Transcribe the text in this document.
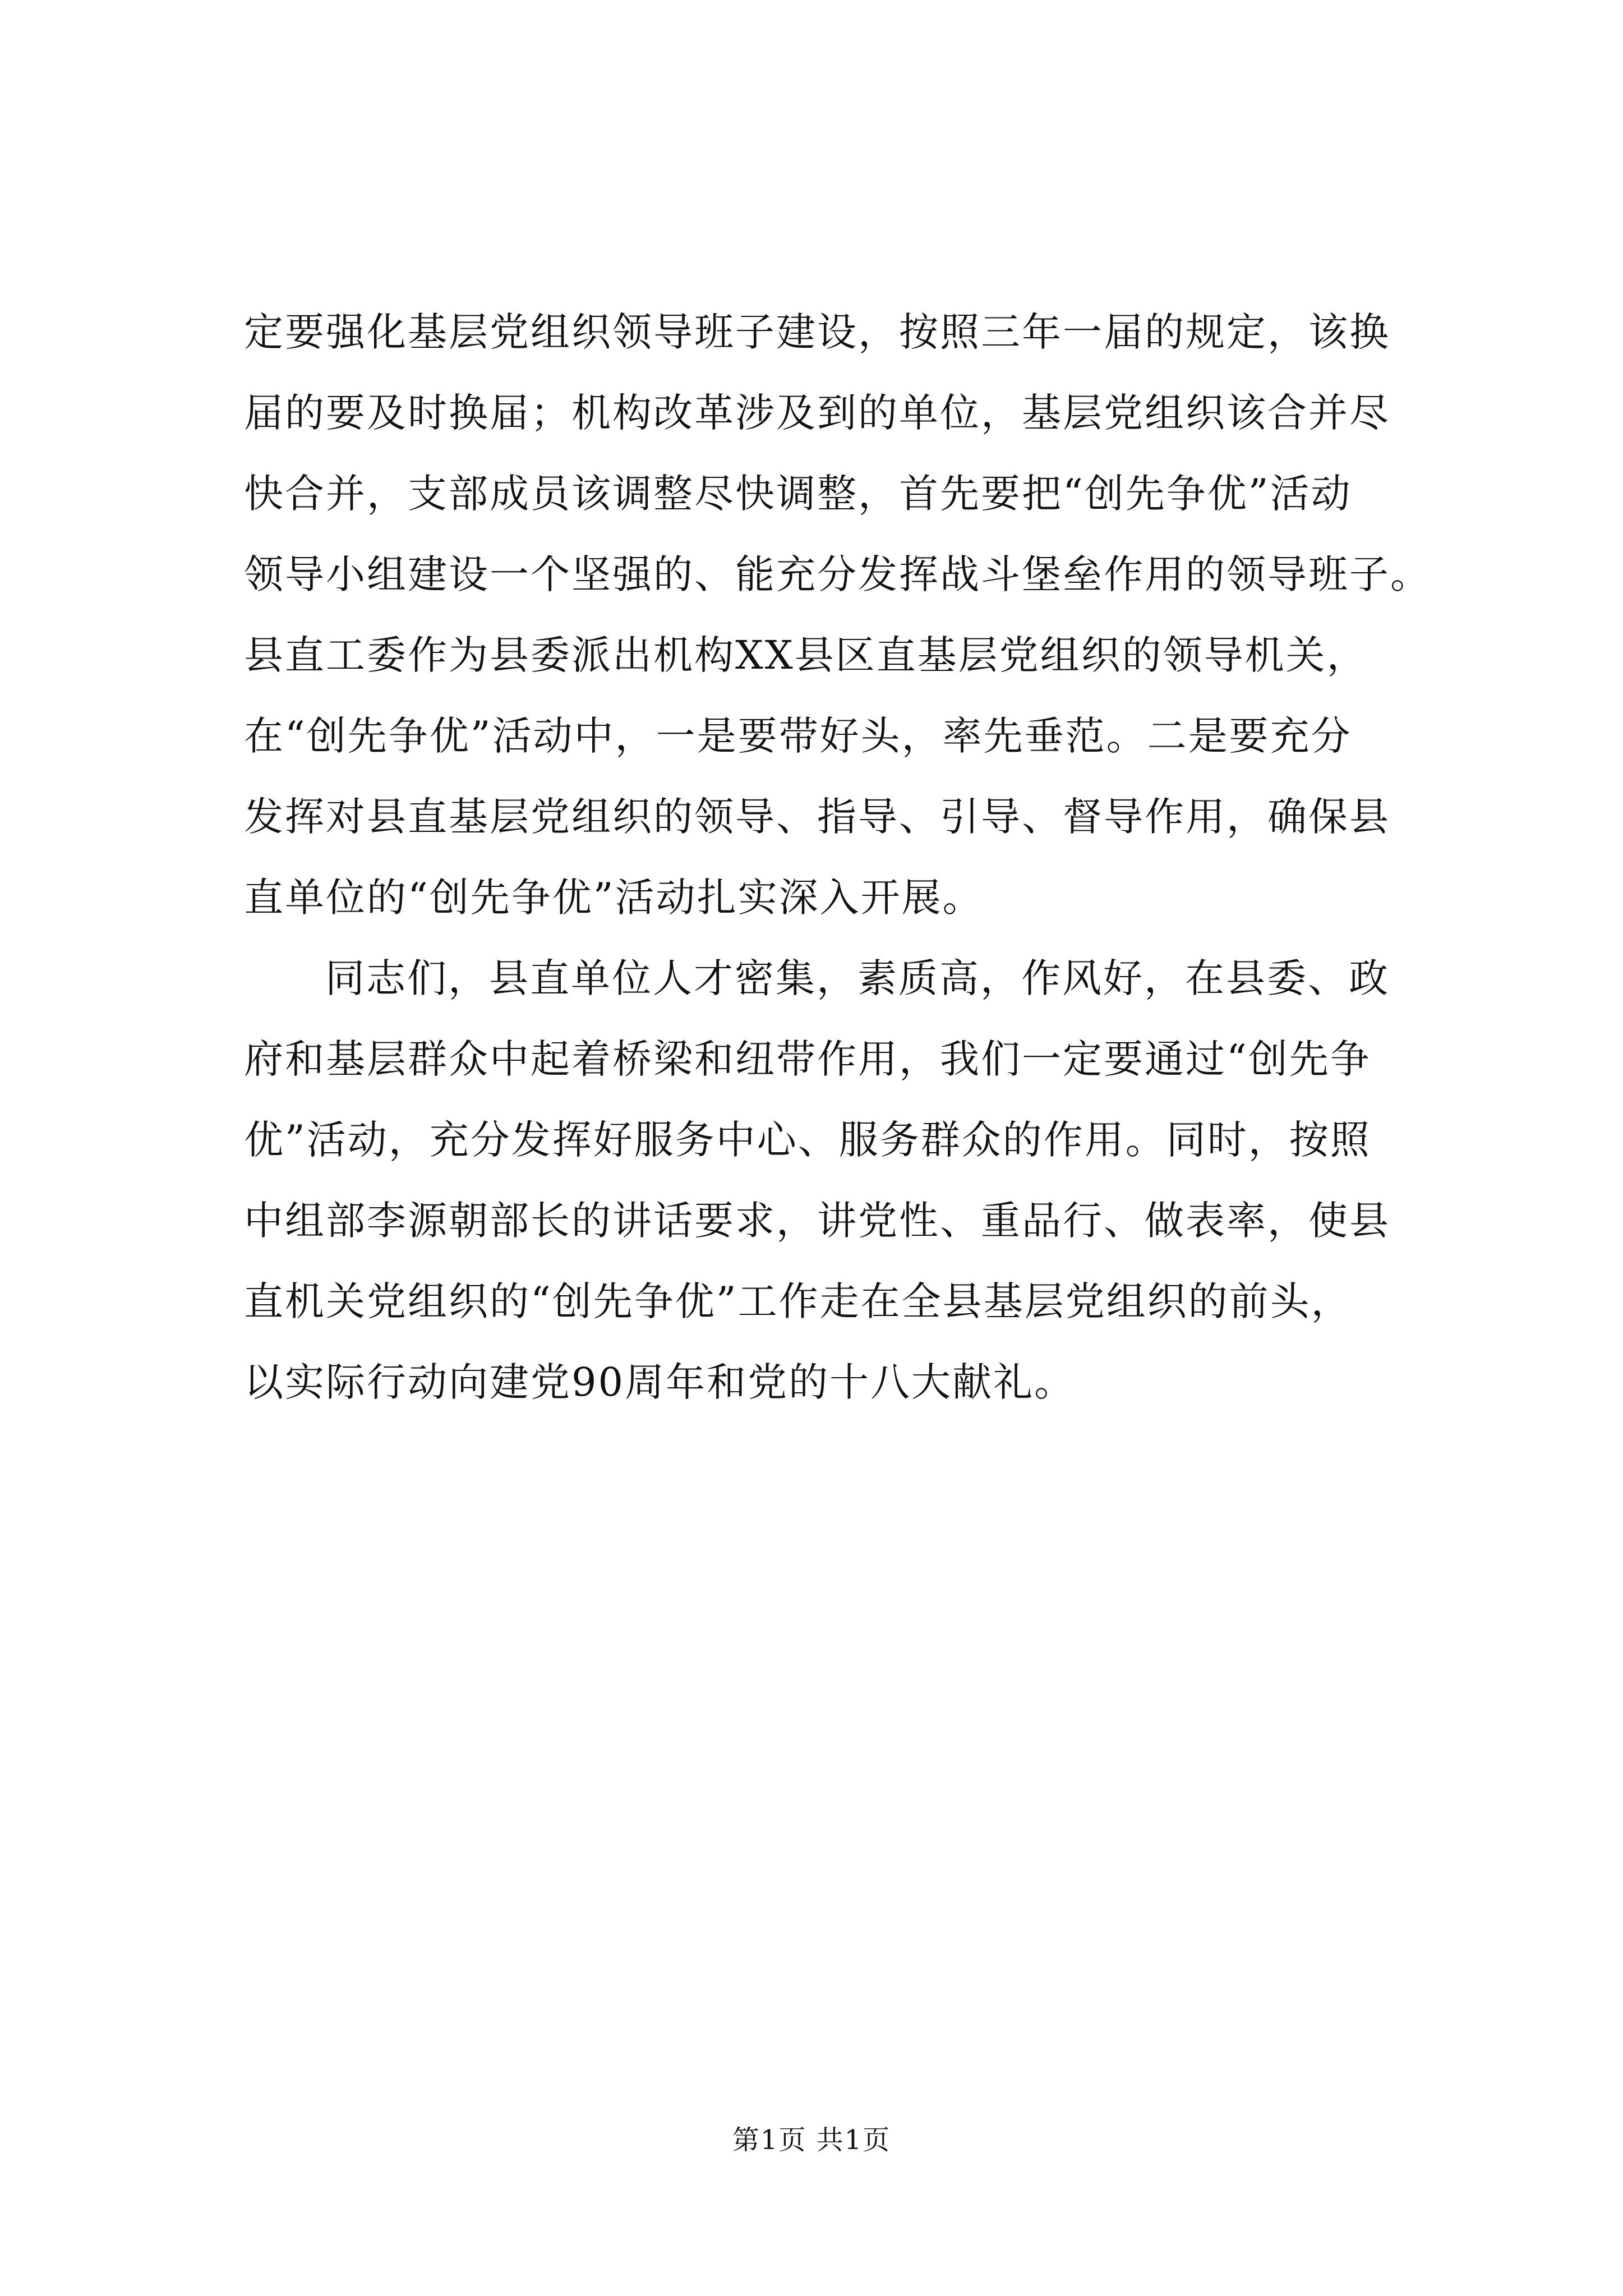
定要强化基层党组织领导班子建设，按照三年一届的规定，该换
届的要及时换届；机构改革涉及到的单位，基层党组织该合并尽
快合并，支部成员该调整尽快调整，首先要把“创先争优”活动
领导小组建设一个坚强的、能充分发挥战斗堡垒作用的领导班子。
县直工委作为县委派出机构XX县区直基层党组织的领导机关，
在“创先争优”活动中，一是要带好头，率先垂范。二是要充分
发挥对县直基层党组织的领导、指导、引导、督导作用，确保县
直单位的“创先争优”活动扎实深入开展。
同志们，县直单位人才密集，素质高，作风好，在县委、政
府和基层群众中起着桥梁和纽带作用，我们一定要通过“创先争
优”活动，充分发挥好服务中心、服务群众的作用。同时，按照
中组部李源朝部长的讲话要求，讲党性、重品行、做表率，使县
直机关党组织的“创先争优”工作走在全县基层党组织的前头，
以实际行动向建党90周年和党的十八大献礼。
第1页 共1页
